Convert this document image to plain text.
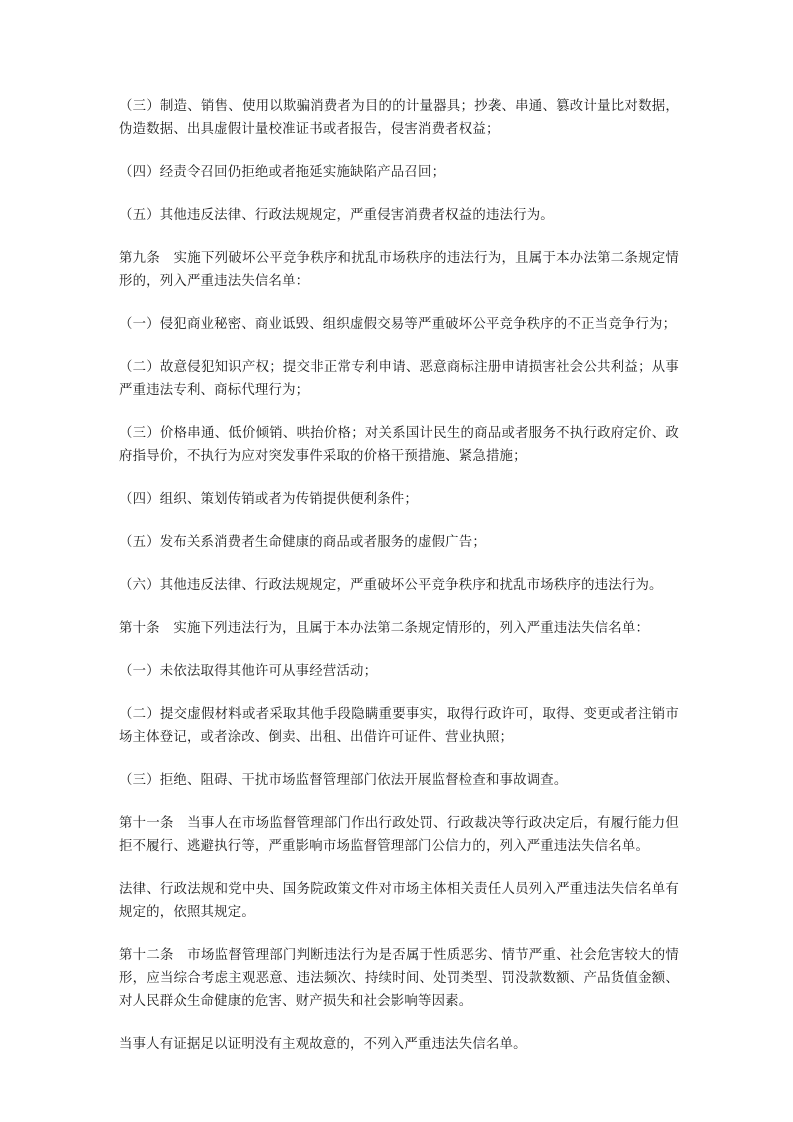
（三）制造、销售、使用以欺骗消费者为目的的计量器具；抄袭、串通、篡改计量比对数据，伪造数据、出具虚假计量校准证书或者报告，侵害消费者权益；

（四）经责令召回仍拒绝或者拖延实施缺陷产品召回；

（五）其他违反法律、行政法规规定，严重侵害消费者权益的违法行为。

第九条　实施下列破坏公平竞争秩序和扰乱市场秩序的违法行为，且属于本办法第二条规定情形的，列入严重违法失信名单：

（一）侵犯商业秘密、商业诋毁、组织虚假交易等严重破坏公平竞争秩序的不正当竞争行为；

（二）故意侵犯知识产权；提交非正常专利申请、恶意商标注册申请损害社会公共利益；从事严重违法专利、商标代理行为；

（三）价格串通、低价倾销、哄抬价格；对关系国计民生的商品或者服务不执行政府定价、政府指导价，不执行为应对突发事件采取的价格干预措施、紧急措施；

（四）组织、策划传销或者为传销提供便利条件；

（五）发布关系消费者生命健康的商品或者服务的虚假广告；

（六）其他违反法律、行政法规规定，严重破坏公平竞争秩序和扰乱市场秩序的违法行为。

第十条　实施下列违法行为，且属于本办法第二条规定情形的，列入严重违法失信名单：

（一）未依法取得其他许可从事经营活动；

（二）提交虚假材料或者采取其他手段隐瞒重要事实，取得行政许可，取得、变更或者注销市场主体登记，或者涂改、倒卖、出租、出借许可证件、营业执照；

（三）拒绝、阻碍、干扰市场监督管理部门依法开展监督检查和事故调查。

第十一条　当事人在市场监督管理部门作出行政处罚、行政裁决等行政决定后，有履行能力但拒不履行、逃避执行等，严重影响市场监督管理部门公信力的，列入严重违法失信名单。

法律、行政法规和党中央、国务院政策文件对市场主体相关责任人员列入严重违法失信名单有规定的，依照其规定。

第十二条　市场监督管理部门判断违法行为是否属于性质恶劣、情节严重、社会危害较大的情形，应当综合考虑主观恶意、违法频次、持续时间、处罚类型、罚没款数额、产品货值金额、对人民群众生命健康的危害、财产损失和社会影响等因素。

当事人有证据足以证明没有主观故意的，不列入严重违法失信名单。
